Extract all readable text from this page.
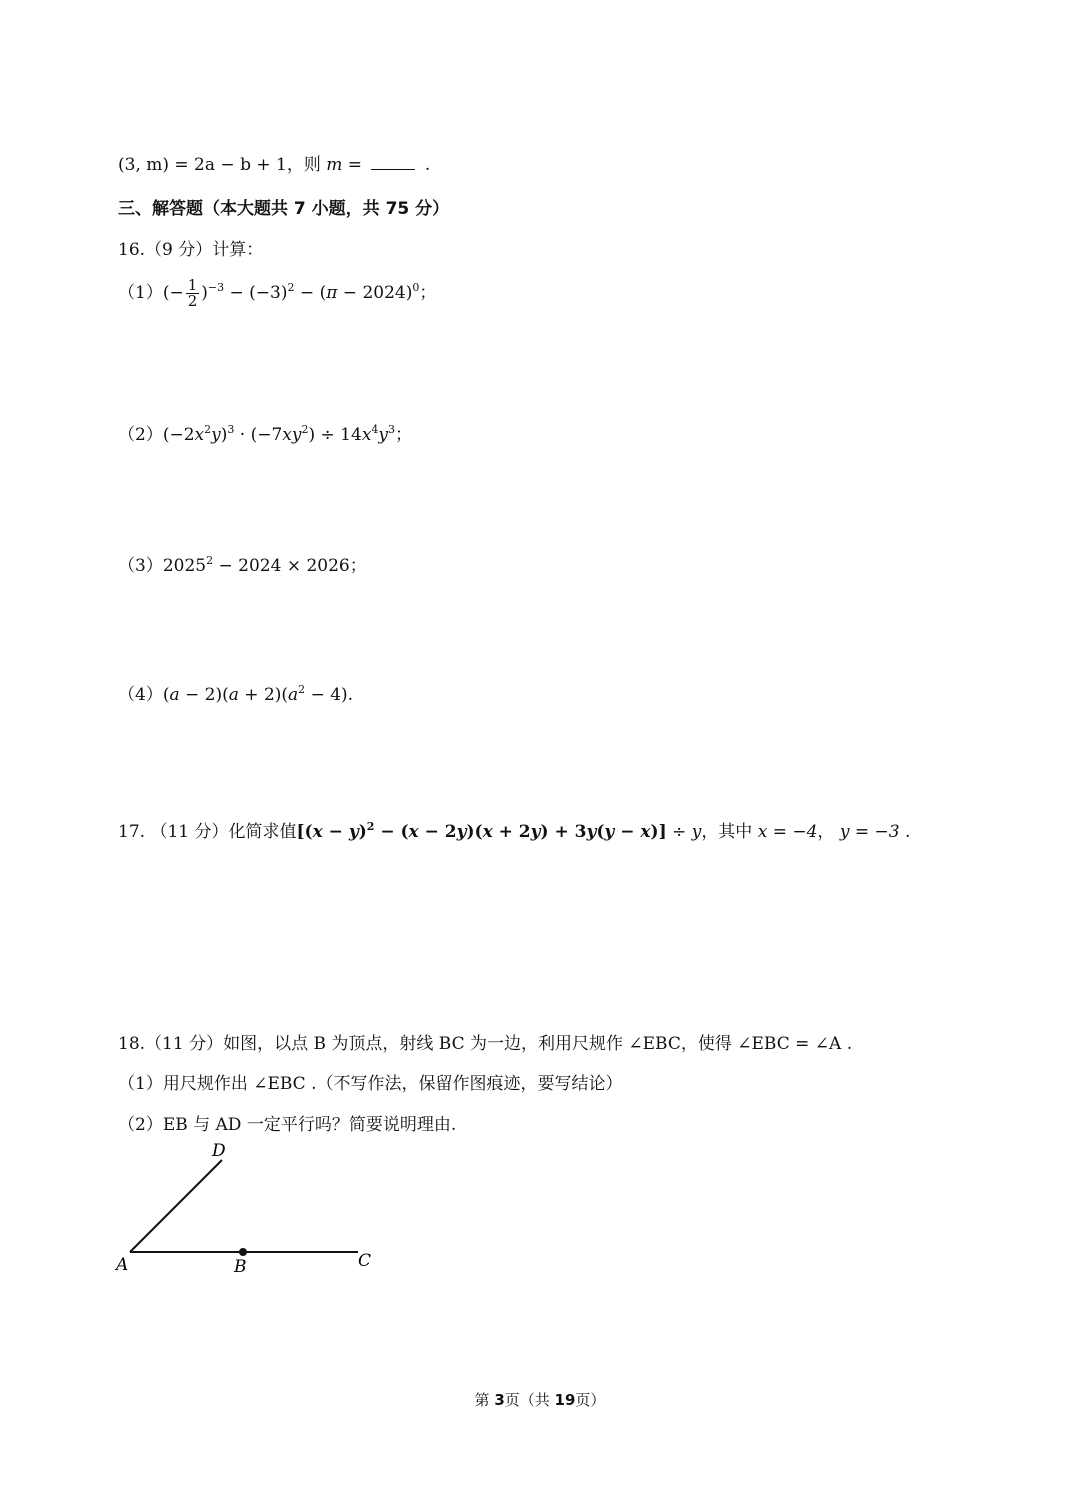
(3, m) = 2a − b + 1，则 m =	.
三、解答题（本大题共 7 小题，共 75 分）
16.（9 分）计算：
$(1)(- \frac{1}{2} )^{-3} - (-3)^2 - (\pi - 2024)^0$；
$(2)(-2x^2y)^3 \cdot (-7xy^2) \div 14x^4y^3$；
$(3)2025^2 - 2024 \times 2026$；
$(4)(a - 2)(a + 2)(a^2 - 4)$.
17. （11 分）化简求值$[(x - y)^2 - (x - 2y)(x + 2y) + 3y(y - x)] \div y$，其中 x = −4， y = −3 .
18.（11 分）如图，以点 B 为顶点，射线 BC 为一边，利用尺规作 ∠EBC，使得 ∠EBC = ∠A .
（1）用尺规作出 ∠EBC .（不写作法，保留作图痕迹，要写结论）
（2）EB 与 AD 一定平行吗？简要说明理由.
D
A	B	C
第 3页（共 19页）
